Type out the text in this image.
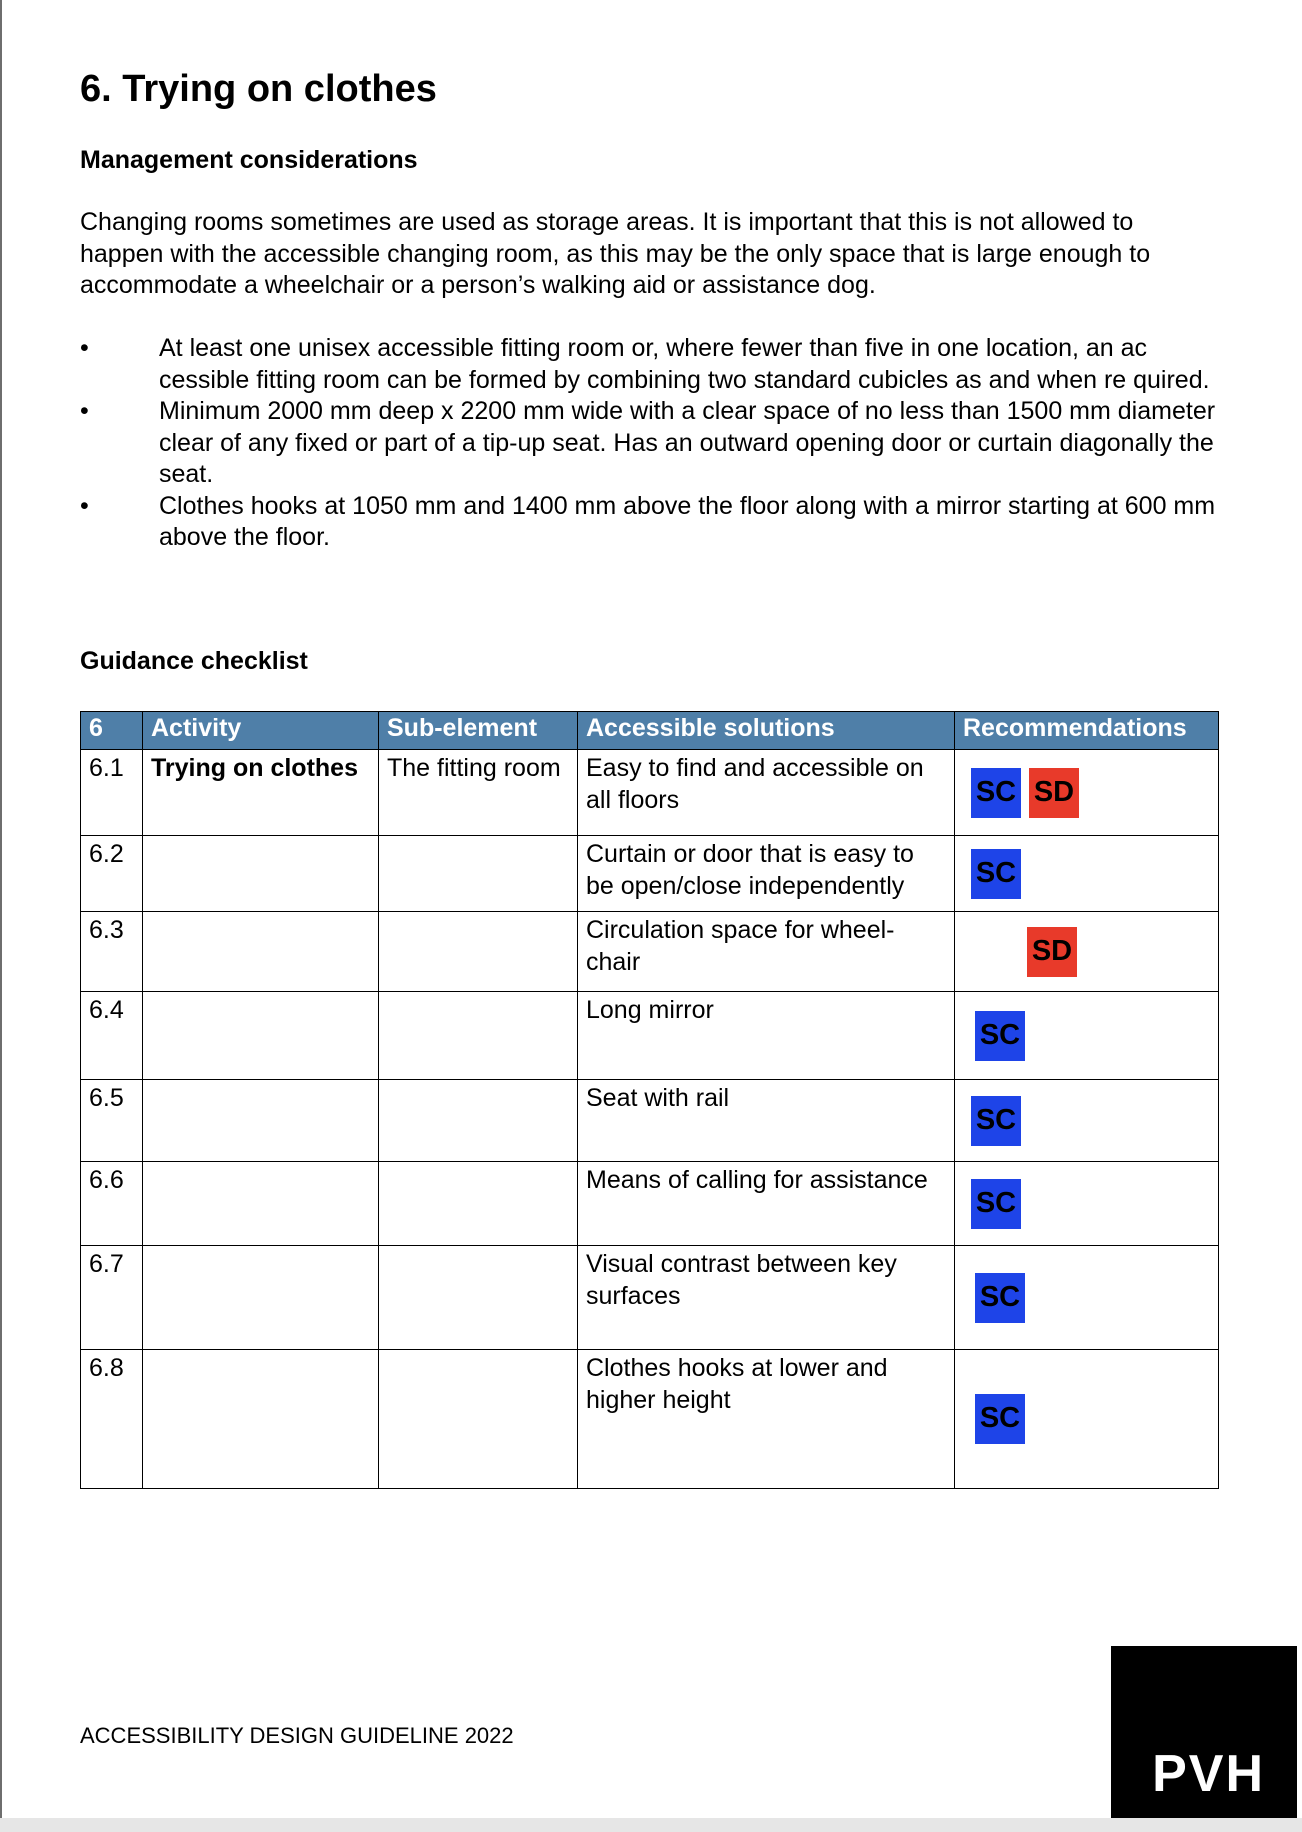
6. Trying on clothes
Management considerations

Changing rooms sometimes are used as storage areas. It is important that this is not allowed to happen with the accessible changing room, as this may be the only space that is large enough to accommodate a wheelchair or a person’s walking aid or assistance dog.

•	At least one unisex accessible fitting room or, where fewer than five in one location, an ac cessible fitting room can be formed by combining two standard cubicles as and when re quired.
•	Minimum 2000 mm deep x 2200 mm wide with a clear space of no less than 1500 mm diameter clear of any fixed or part of a tip-up seat. Has an outward opening door or curtain diagonally the seat.
•	Clothes hooks at 1050 mm and 1400 mm above the floor along with a mirror starting at 600 mm above the floor.
Guidance checklist
6	Activity	Sub-element	Accessible solutions	Recommendations
6.1	Trying on clothes	The fitting room	Easy to find and accessible on all floors	SC SD

6.2			Curtain or door that is easy to be open/close independently	SC

6.3			Circulation space for wheel-chair	SD

6.4			Long mirror	SC

6.5			Seat with rail	SC

6.6			Means of calling for assistance	SC

6.7			Visual contrast between key surfaces	SC

6.8			Clothes hooks at lower and higher height	SC
ACCESSIBILITY DESIGN GUIDELINE 2022
PVH
